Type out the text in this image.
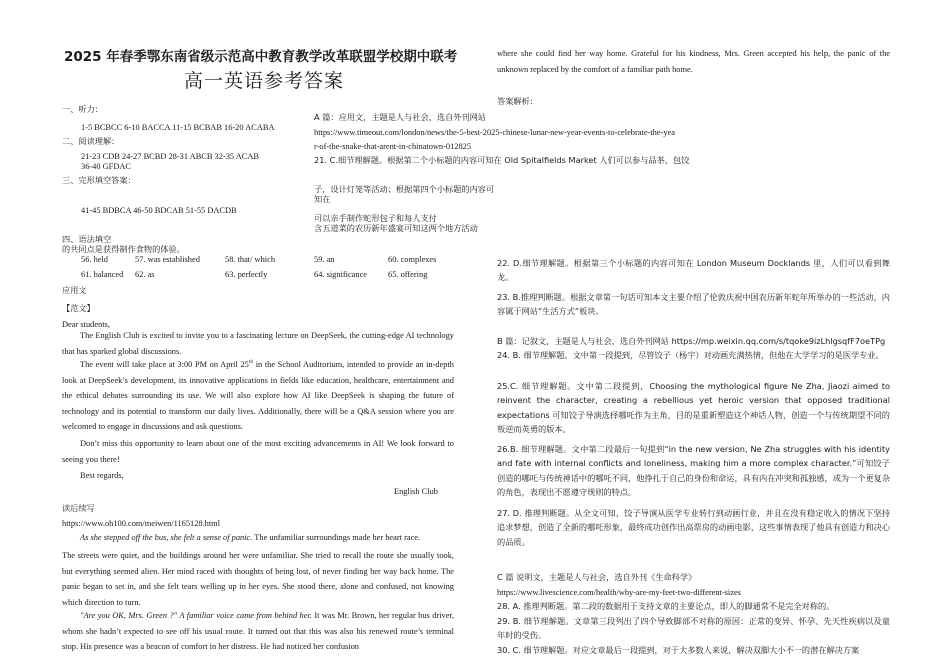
2025 年春季鄂东南省级示范高中教育教学改革联盟学校期中联考
高一英语参考答案
一、听力：
1-5 BCBCC 6-10 BACCA 11-15 BCBAB 16-20 ACABA
二、阅读理解：
21-23 CDB 24-27 BCBD 28-31 ABCB 32-35 ACAB
36-40 GFDAC
三、完形填空答案：
41-45 BDBCA 46-50 BDCAB 51-55 DACDB
四、语法填空
的共同点是获得制作食物的体验。
56. held	57. was established	58. that/ which	59. an	60. complexes
61. balanced 62. as	63. perfectly	64. significance 65. offering
应用文
【范文】
Dear students,
The English Club is excited to invite you to a fascinating lecture on DeepSeek, the cutting-edge AI technology that has sparked global discussions.
The event will take place at 3:00 PM on April 25th in the School Auditorium, intended to provide an in-depth look at DeepSeek’s development, its innovative applications in fields like education, healthcare, entertainment and the ethical debates surrounding its use. We will also explore how AI like DeepSeek is shaping the future of technology and its potential to transform our daily lives. Additionally, there will be a Q&A session where you are welcomed to engage in discussions and ask questions.
Don’t miss this opportunity to learn about one of the most exciting advancements in AI! We look forward to seeing you there!
Best regards,
English Club
读后续写
https://www.oh100.com/meiwen/1165128.html
As she stepped off the bus, she felt a sense of panic. The unfamiliar surroundings made her heart race.
The streets were quiet, and the buildings around her were unfamiliar. She tried to recall the route she usually took, but everything seemed alien. Her mind raced with thoughts of being lost, of never finding her way back home. The panic began to set in, and she felt tears welling up in her eyes. She stood there, alone and confused, not knowing which direction to turn.
"Are you OK, Mrs. Green ?" A familiar voice came from behind her. It was Mr. Brown, her regular bus driver, whom she hadn’t expected to see off his usual route. It turned out that this was also his renewed route’s terminal stop. His presence was a beacon of comfort in her distress. He had noticed her confusion
where she could find her way home. Grateful for his kindness, Mrs. Green accepted his help, the panic of the unknown replaced by the comfort of a familiar path home.
答案解析：
A 篇：应用文，主题是人与社会，选自外刊网站
https://www.timeout.com/london/news/the-5-best-2025-chinese-lunar-new-year-events-to-celebrate-the-yea
r-of-the-snake-that-arent-in-chinatown-012825
21. C.细节理解题。根据第二个小标题的内容可知在 Old Spitalfields Market 人们可以参与品茶，包饺
子，设计灯笼等活动；根据第四个小标题的内容可
知在
可以亲手制作蛇形包子和每人支付
含五道菜的农历新年盛宴可知这两个地方活动
22. D.细节理解题。根据第三个小标题的内容可知在 London Museum Docklands 里，人们可以看到舞龙。
23. B.推理判断题。根据文章第一句话可知本文主要介绍了伦敦庆祝中国农历新年蛇年所举办的一些活动，内容属于网站“生活方式”板块。
B 篇：记叙文，主题是人与社会，选自外刊网站 https://mp.weixin.qq.com/s/tqoke9izLhlgsqfF7oeTPg
24. B. 细节理解题。文中第一段提到，尽管饺子（杨宇）对动画充满热情，但他在大学学习的是医学专业。
25.C. 细节理解题。文中第二段提到，Choosing the mythological figure Ne Zha, Jiaozi aimed to reinvent the character, creating a rebellious yet heroic version that opposed traditional expectations 可知饺子导演选择哪吒作为主角，目的是重新塑造这个神话人物，创造一个与传统期望不同的叛逆而英勇的版本。
26.B. 细节理解题。文中第二段最后一句提到“in the new version, Ne Zha struggles with his identity and fate with internal conflicts and loneliness, making him a more complex character.”可知饺子创造的哪吒与传统神话中的哪吒不同，他挣扎于自己的身份和命运，具有内在冲突和孤独感，成为一个更复杂的角色，表现出不愿遵守规则的特点。
27. D. 推理判断题。从全文可知，饺子导演从医学专业转行到动画行业，并且在没有稳定收入的情况下坚持追求梦想，创造了全新的哪吒形象，最终成功创作出高票房的动画电影，这些事情表现了他具有创造力和决心的品质。
C 篇 说明文，主题是人与社会，选自外刊《生命科学》
https://www.livescience.com/health/why-are-my-feet-two-different-sizes
28. A. 推理判断题。第二段的数据用于支持文章的主要论点，即人的脚通常不是完全对称的。
29. B. 细节理解题。文章第三段列出了四个导致脚部不对称的原因：正常的变异、怀孕、先天性疾病以及童年时的受伤。
30. C. 细节理解题。对应文章最后一段提到，对于大多数人来说，解决双脚大小不一的潜在解决方案
